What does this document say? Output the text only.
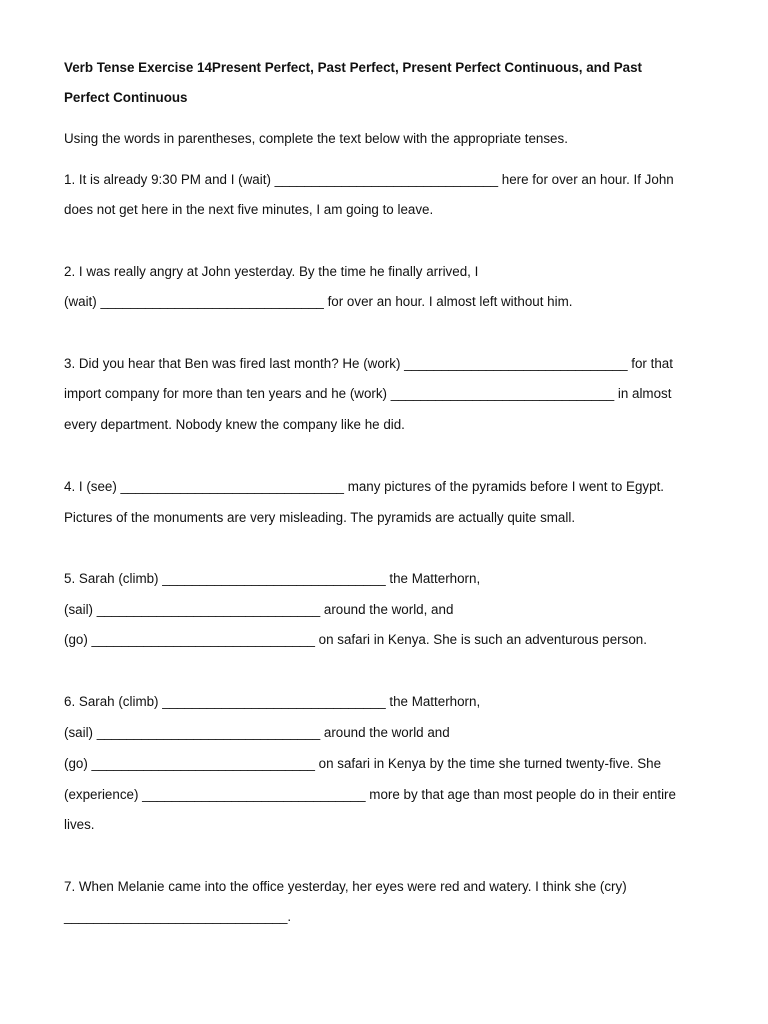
Verb Tense Exercise 14Present Perfect, Past Perfect, Present Perfect Continuous, and Past
Perfect Continuous
Using the words in parentheses, complete the text below with the appropriate tenses.
1. It is already 9:30 PM and I (wait) ______________________________ here for over an hour. If John
does not get here in the next five minutes, I am going to leave.
2. I was really angry at John yesterday. By the time he finally arrived, I
(wait) ______________________________ for over an hour. I almost left without him.
3. Did you hear that Ben was fired last month? He (work) ______________________________ for that
import company for more than ten years and he (work) ______________________________ in almost
every department. Nobody knew the company like he did.
4. I (see) ______________________________ many pictures of the pyramids before I went to Egypt.
Pictures of the monuments are very misleading. The pyramids are actually quite small.
5. Sarah (climb) ______________________________ the Matterhorn,
(sail) ______________________________ around the world, and
(go) ______________________________ on safari in Kenya. She is such an adventurous person.
6. Sarah (climb) ______________________________ the Matterhorn,
(sail) ______________________________ around the world and
(go) ______________________________ on safari in Kenya by the time she turned twenty-five. She
(experience) ______________________________ more by that age than most people do in their entire
lives.
7. When Melanie came into the office yesterday, her eyes were red and watery. I think she (cry)
______________________________.
